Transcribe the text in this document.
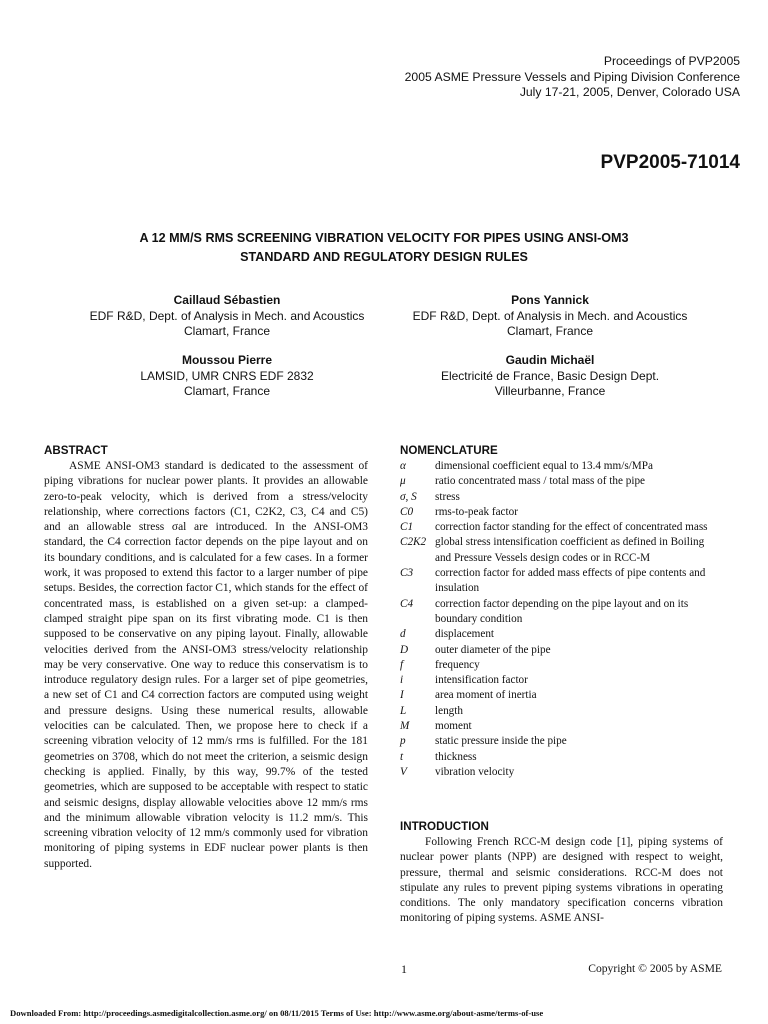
Proceedings of PVP2005
2005 ASME Pressure Vessels and Piping Division Conference
July 17-21, 2005, Denver, Colorado USA
PVP2005-71014
A 12 MM/S RMS SCREENING VIBRATION VELOCITY FOR PIPES USING ANSI-OM3
STANDARD AND REGULATORY DESIGN RULES
Caillaud Sébastien
EDF R&D, Dept. of Analysis in Mech. and Acoustics
Clamart, France
Pons Yannick
EDF R&D, Dept. of Analysis in Mech. and Acoustics
Clamart, France
Moussou Pierre
LAMSID, UMR CNRS EDF 2832
Clamart, France
Gaudin Michaël
Electricité de France, Basic Design Dept.
Villeurbanne, France
ABSTRACT

ASME ANSI-OM3 standard is dedicated to the assessment of piping vibrations for nuclear power plants. It provides an allowable zero-to-peak velocity, which is derived from a stress/velocity relationship, where corrections factors (C1, C2K2, C3, C4 and C5) and an allowable stress σal are introduced. In the ANSI-OM3 standard, the C4 correction factor depends on the pipe layout and on its boundary conditions, and is calculated for a few cases. In a former work, it was proposed to extend this factor to a larger number of pipe setups. Besides, the correction factor C1, which stands for the effect of concentrated mass, is established on a given set-up: a clamped-clamped straight pipe span on its first vibrating mode. C1 is then supposed to be conservative on any piping layout. Finally, allowable velocities derived from the ANSI-OM3 stress/velocity relationship may be very conservative. One way to reduce this conservatism is to introduce regulatory design rules. For a larger set of pipe geometries, a new set of C1 and C4 correction factors are computed using weight and pressure designs. Using these numerical results, allowable velocities can be calculated. Then, we propose here to check if a screening vibration velocity of 12 mm/s rms is fulfilled. For the 181 geometries on 3708, which do not meet the criterion, a seismic design checking is applied. Finally, by this way, 99.7% of the tested geometries, which are supposed to be acceptable with respect to static and seismic designs, display allowable velocities above 12 mm/s rms and the minimum allowable vibration velocity is 11.2 mm/s. This screening vibration velocity of 12 mm/s commonly used for vibration monitoring of piping systems in EDF nuclear power plants is then supported.

NOMENCLATURE
α	dimensional coefficient equal to 13.4 mm/s/MPa
μ	ratio concentrated mass / total mass of the pipe
σ, S	stress
C0	rms-to-peak factor
C1	correction factor standing for the effect of concentrated mass
C2K2 global stress intensification coefficient as defined in Boiling and Pressure Vessels design codes or in RCC-M
C3	correction factor for added mass effects of pipe contents and insulation
C4	correction factor depending on the pipe layout and on its boundary condition
d	displacement
D	outer diameter of the pipe
f	frequency
i	intensification factor
I	area moment of inertia
L	length
M	moment
p	static pressure inside the pipe
t	thickness
V	vibration velocity
INTRODUCTION

Following French RCC-M design code [1], piping systems of nuclear power plants (NPP) are designed with respect to weight, pressure, thermal and seismic considerations. RCC-M does not stipulate any rules to prevent piping systems vibrations in operating conditions. The only mandatory specification concerns vibration monitoring of piping systems. ASME ANSI-

1	Copyright © 2005 by ASME
Downloaded From: http://proceedings.asmedigitalcollection.asme.org/ on 08/11/2015 Terms of Use: http://www.asme.org/about-asme/terms-of-use
